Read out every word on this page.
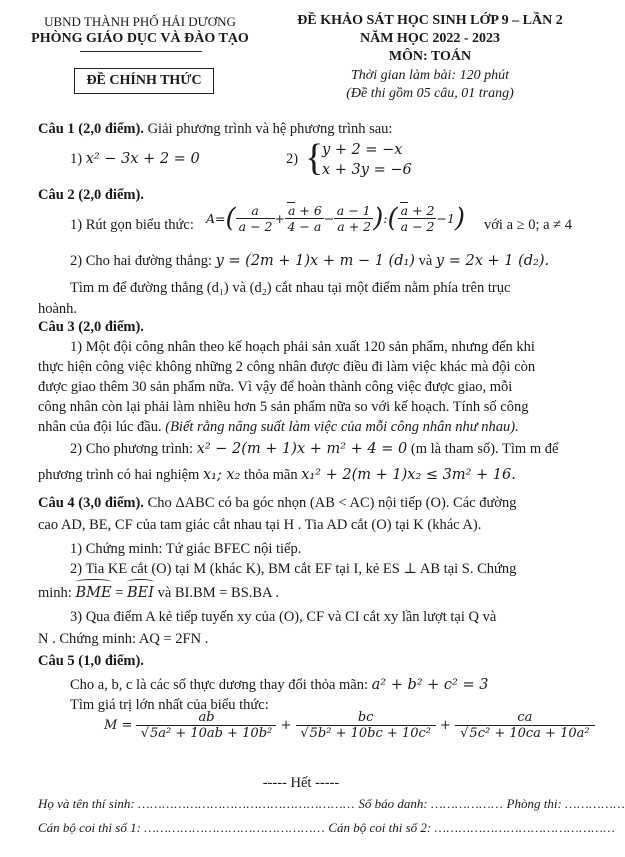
UBND THÀNH PHỐ HẢI DƯƠNG
PHÒNG GIÁO DỤC VÀ ĐÀO TẠO
ĐỀ CHÍNH THỨC
ĐỀ KHẢO SÁT HỌC SINH LỚP 9 – LẦN 2
NĂM HỌC 2022 - 2023
MÔN: TOÁN
Thời gian làm bài: 120 phút
(Đề thi gồm 05 câu, 01 trang)
Câu 1 (2,0 điểm). Giải phương trình và hệ phương trình sau:
1) x² − 3x + 2 = 0	2) {
y + 2 = −x
x + 3y = −6
Câu 2 (2,0 điểm).
1) Rút gọn biểu thức: $A=( \frac{a}{a - 2} + \frac{a + 6}{4 - a} - \frac{a - 1}{a + 2}$ ):( $\frac{a + 2}{a - 2} -1$) với a ≥ 0; a ≠ 4
2) Cho hai đường thẳng: y = (2m + 1)x + m − 1 (d₁) và y = 2x + 1 (d₂).
Tìm m để đường thẳng (d₁) và (d₂) cắt nhau tại một điểm nằm phía trên trục
hoành.
Câu 3 (2,0 điểm).
1) Một đội công nhân theo kế hoạch phải sản xuất 120 sản phẩm, nhưng đến khi
thực hiện công việc không những 2 công nhân được điều đi làm việc khác mà đội còn
được giao thêm 30 sản phẩm nữa. Vì vậy để hoàn thành công việc được giao, mỗi
công nhân còn lại phải làm nhiều hơn 5 sản phẩm nữa so với kế hoạch. Tính số công
nhân của đội lúc đầu. (Biết rằng năng suất làm việc của mỗi công nhân như nhau).
2) Cho phương trình: x² − 2(m + 1)x + m² + 4 = 0 (m là tham số). Tìm m để
phương trình có hai nghiệm x₁; x₂ thỏa mãn x₁² + 2(m + 1)x₂ ≤ 3m² + 16.
Câu 4 (3,0 điểm). Cho ΔABC có ba góc nhọn (AB < AC) nội tiếp (O). Các đường
cao AD, BE, CF của tam giác cắt nhau tại H . Tia AD cắt (O) tại K (khác A).
1) Chứng minh: Tứ giác BFEC nội tiếp.
2) Tia KE cắt (O) tại M (khác K), BM cắt EF tại I, kẻ ES ⊥ AB tại S. Chứng
minh: BME = BEI và BI.BM = BS.BA .
3) Qua điểm A kẻ tiếp tuyến xy của (O), CF và CI cắt xy lần lượt tại Q và
N . Chứng minh: AQ = 2FN .
Câu 5 (1,0 điểm).
Cho a, b, c là các số thực dương thay đổi thỏa mãn: a² + b² + c² = 3
Tìm giá trị lớn nhất của biểu thức:
$M = \frac{ab}{\text{√5a² + 10ab + 10b²}} + \frac{bc}{\text{√5b² + 10bc + 10c²}} + \frac{ca}{\text{√5c² + 10ca + 10a²}}$
----- Hết -----
Họ và tên thí sinh: ……………………………………………… Số báo danh: ……………… Phòng thi: ……………
Cán bộ coi thi số 1: ……………………………………… Cán bộ coi thi số 2: ………………………………………
